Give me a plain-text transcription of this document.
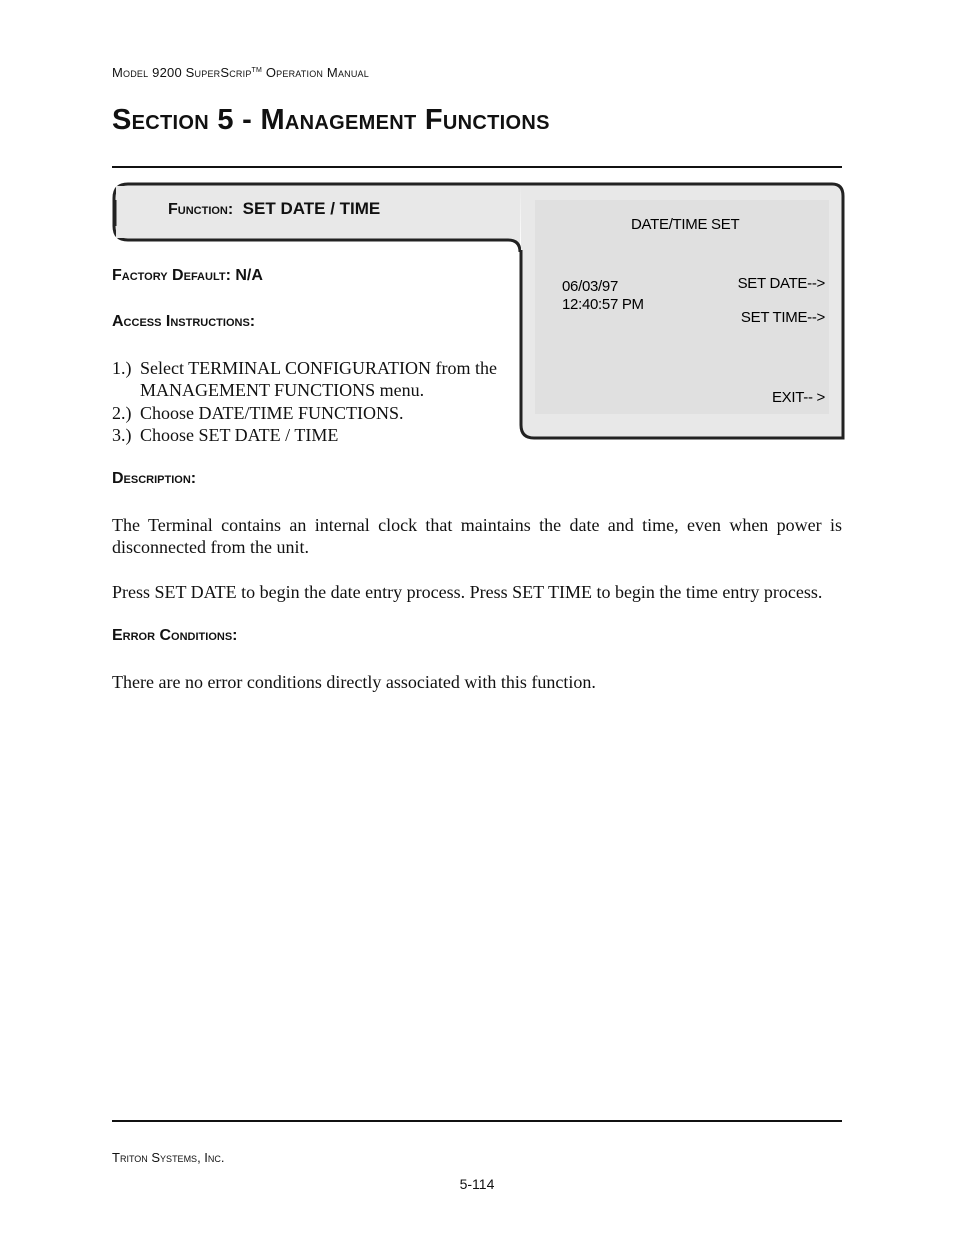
Model 9200 SuperScrip™ Operation Manual
Section 5 - Management Functions
Function: SET DATE / TIME
DATE/TIME SET
06/03/97
12:40:57 PM
SET DATE-->
SET TIME-->
EXIT-- >
Factory Default: N/A
Access Instructions:
1.) Select TERMINAL CONFIGURATION from the
MANAGEMENT FUNCTIONS menu.
2.) Choose DATE/TIME FUNCTIONS.
3.) Choose SET DATE / TIME
Description:

The Terminal contains an internal clock that maintains the date and time, even when power is disconnected from the unit.

Press SET DATE to begin the date entry process. Press SET TIME to begin the time entry process.

Error Conditions:

There are no error conditions directly associated with this function.

Triton Systems, Inc.
5-114
